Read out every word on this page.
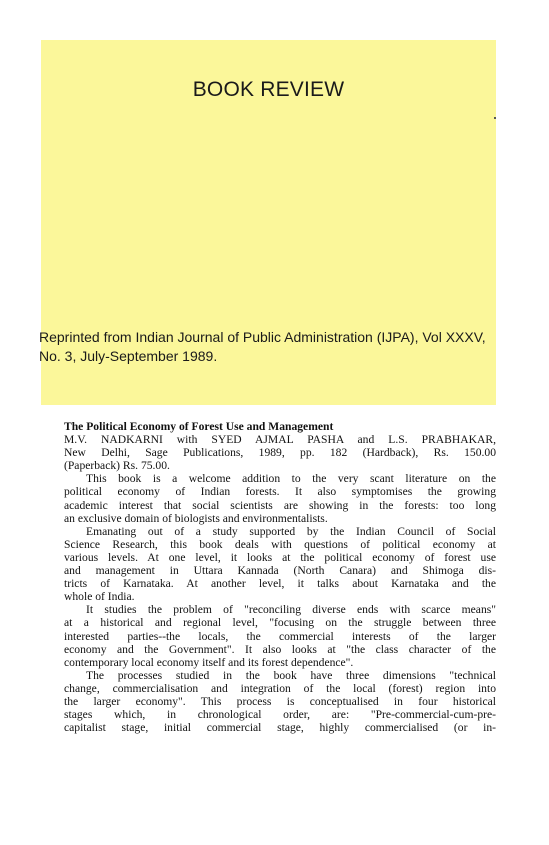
BOOK REVIEW
Reprinted from Indian Journal of Public Administration (IJPA), Vol XXXV,
No. 3, July-September 1989.
The Political Economy of Forest Use and Management
M.V. NADKARNI with SYED AJMAL PASHA and L.S. PRABHAKAR,
New Delhi, Sage Publications, 1989, pp. 182 (Hardback), Rs. 150.00
(Paperback) Rs. 75.00.
This book is a welcome addition to the very scant literature on the
political economy of Indian forests. It also symptomises the growing
academic interest that social scientists are showing in the forests: too long
an exclusive domain of biologists and environmentalists.
Emanating out of a study supported by the Indian Council of Social
Science Research, this book deals with questions of political economy at
various levels. At one level, it looks at the political economy of forest use
and management in Uttara Kannada (North Canara) and Shimoga dis-
tricts of Karnataka. At another level, it talks about Karnataka and the
whole of India.
It studies the problem of "reconciling diverse ends with scarce means"
at a historical and regional level, "focusing on the struggle between three
interested parties--the locals, the commercial interests of the larger
economy and the Government". It also looks at "the class character of the
contemporary local economy itself and its forest dependence".
The processes studied in the book have three dimensions "technical
change, commercialisation and integration of the local (forest) region into
the larger economy". This process is conceptualised in four historical
stages which, in chronological order, are: "Pre-commercial-cum-pre-
capitalist stage, initial commercial stage, highly commercialised (or in-
